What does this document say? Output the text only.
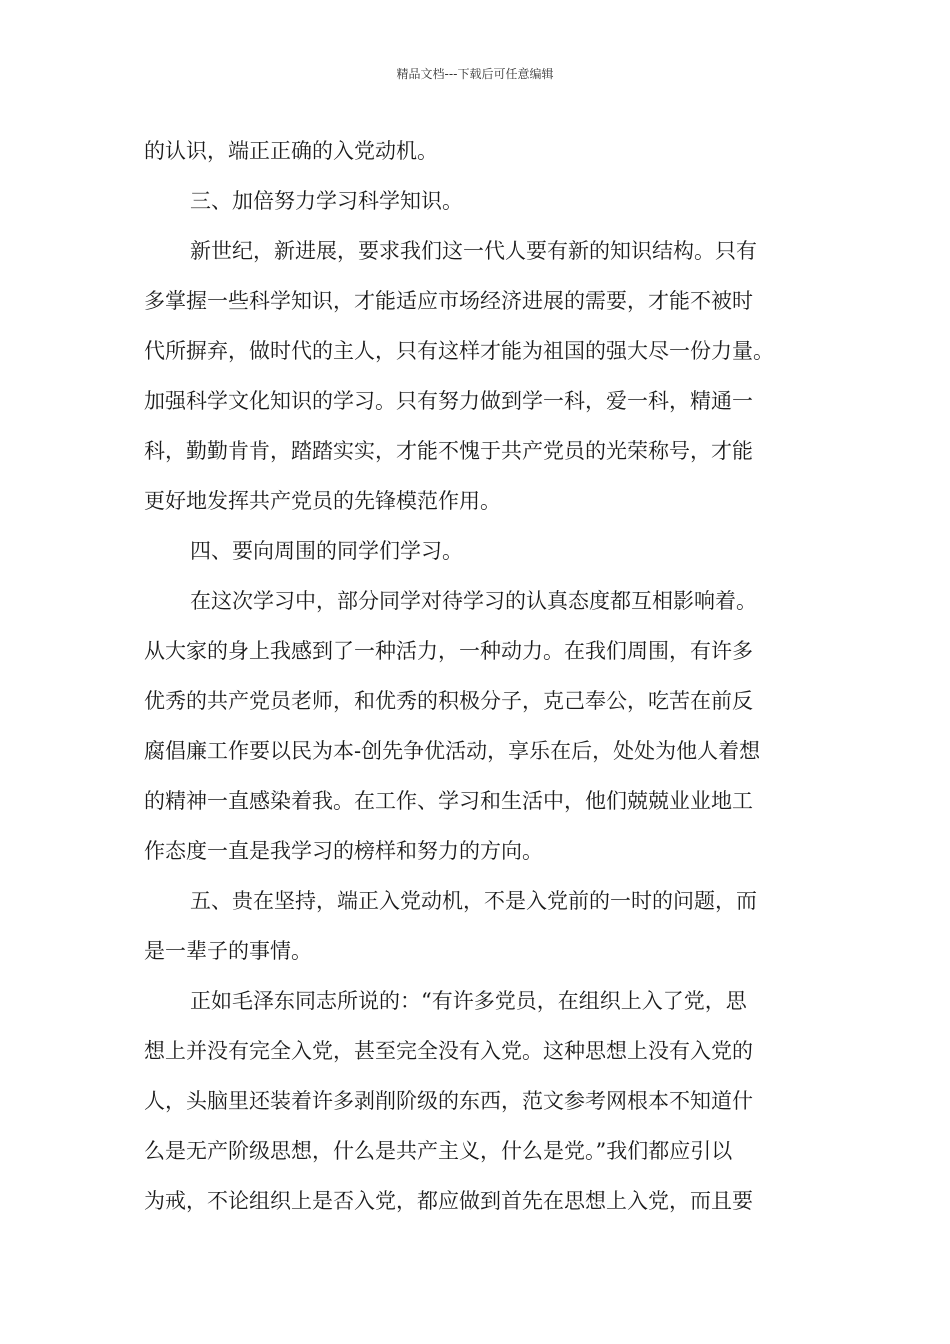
精品文档---下载后可任意编辑
的认识，端正正确的入党动机。
三、加倍努力学习科学知识。
新世纪，新进展，要求我们这一代人要有新的知识结构。只有
多掌握一些科学知识，才能适应市场经济进展的需要，才能不被时
代所摒弃，做时代的主人，只有这样才能为祖国的强大尽一份力量。
加强科学文化知识的学习。只有努力做到学一科，爱一科，精通一
科，勤勤肯肯，踏踏实实，才能不愧于共产党员的光荣称号，才能
更好地发挥共产党员的先锋模范作用。
四、要向周围的同学们学习。
在这次学习中，部分同学对待学习的认真态度都互相影响着。
从大家的身上我感到了一种活力，一种动力。在我们周围，有许多
优秀的共产党员老师，和优秀的积极分子，克己奉公，吃苦在前反
腐倡廉工作要以民为本-创先争优活动，享乐在后，处处为他人着想
的精神一直感染着我。在工作、学习和生活中，他们兢兢业业地工
作态度一直是我学习的榜样和努力的方向。
五、贵在坚持，端正入党动机，不是入党前的一时的问题，而
是一辈子的事情。
正如毛泽东同志所说的：“有许多党员，在组织上入了党，思
想上并没有完全入党，甚至完全没有入党。这种思想上没有入党的
人，头脑里还装着许多剥削阶级的东西，范文参考网根本不知道什
么是无产阶级思想，什么是共产主义，什么是党。”我们都应引以
为戒，不论组织上是否入党，都应做到首先在思想上入党，而且要
